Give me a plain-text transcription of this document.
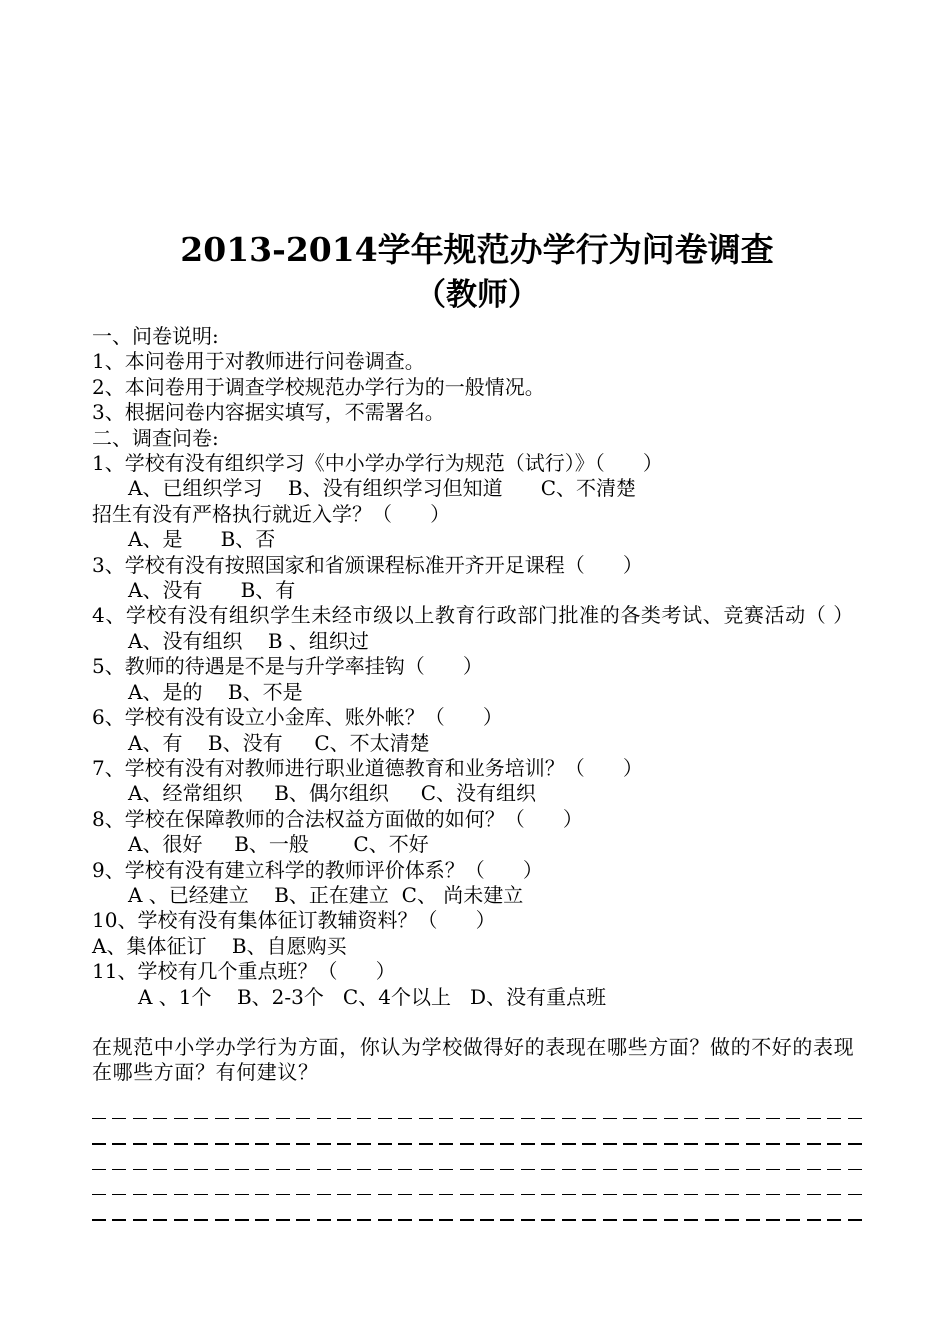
2013-2014学年规范办学行为问卷调查
（教师）
一、问卷说明:
1、本问卷用于对教师进行问卷调查。
2、本问卷用于调查学校规范办学行为的一般情况。
3、根据问卷内容据实填写，不需署名。
二、调查问卷:
1、学校有没有组织学习《中小学办学行为规范（试行）》（      ）
A、已组织学习    B、没有组织学习但知道      C、不清楚
招生有没有严格执行就近入学？（      ）
A、是      B、否
3、学校有没有按照国家和省颁课程标准开齐开足课程（      ）
A、没有      B、有
4、学校有没有组织学生未经市级以上教育行政部门批准的各类考试、竞赛活动（ ）
A、没有组织    B 、组织过
5、教师的待遇是不是与升学率挂钩（      ）
A、是的    B、不是
6、学校有没有设立小金库、账外帐？（      ）
A、有    B、没有     C、不太清楚
7、学校有没有对教师进行职业道德教育和业务培训？（      ）
A、经常组织     B、偶尔组织     C、没有组织
8、学校在保障教师的合法权益方面做的如何？（      ）
A、很好     B、一般       C、不好
9、学校有没有建立科学的教师评价体系？（      ）
A 、已经建立    B、正在建立  C、 尚未建立
10、学校有没有集体征订教辅资料？（      ）
A、集体征订    B、自愿购买
11、学校有几个重点班？（      ）
A 、1个    B、2-3个   C、4个以上   D、没有重点班
在规范中小学办学行为方面，你认为学校做得好的表现在哪些方面？做的不好的表现在哪些方面？有何建议？
